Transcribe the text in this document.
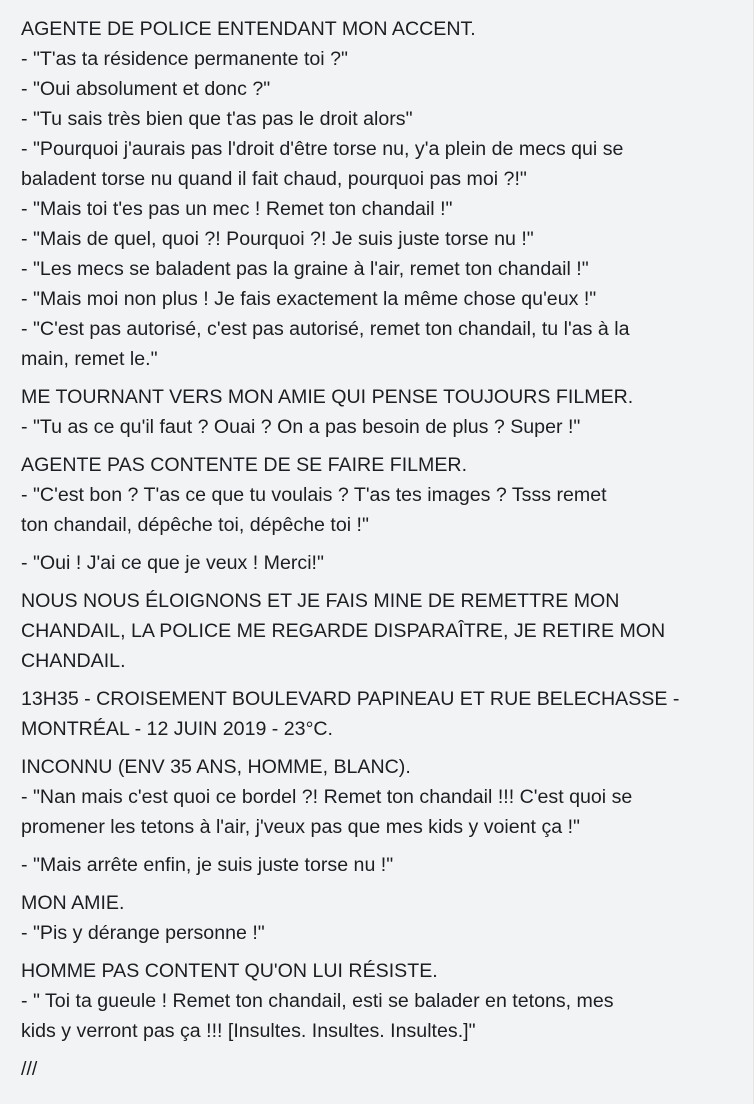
AGENTE DE POLICE ENTENDANT MON ACCENT.
- "T'as ta résidence permanente toi ?"
- "Oui absolument et donc ?"
- "Tu sais très bien que t'as pas le droit alors"
- "Pourquoi j'aurais pas l'droit d'être torse nu, y'a plein de mecs qui se
baladent torse nu quand il fait chaud, pourquoi pas moi ?!"
- "Mais toi t'es pas un mec ! Remet ton chandail !"
- "Mais de quel, quoi ?! Pourquoi ?! Je suis juste torse nu !"
- "Les mecs se baladent pas la graine à l'air, remet ton chandail !"
- "Mais moi non plus ! Je fais exactement la même chose qu'eux !"
- "C'est pas autorisé, c'est pas autorisé, remet ton chandail, tu l'as à la
main, remet le."
ME TOURNANT VERS MON AMIE QUI PENSE TOUJOURS FILMER.
- "Tu as ce qu'il faut ? Ouai ? On a pas besoin de plus ? Super !"
AGENTE PAS CONTENTE DE SE FAIRE FILMER.
- "C'est bon ? T'as ce que tu voulais ? T'as tes images ? Tsss remet
ton chandail, dépêche toi, dépêche toi !"
- "Oui ! J'ai ce que je veux ! Merci!"
NOUS NOUS ÉLOIGNONS ET JE FAIS MINE DE REMETTRE MON
CHANDAIL, LA POLICE ME REGARDE DISPARAÎTRE, JE RETIRE MON
CHANDAIL.
13H35 - CROISEMENT BOULEVARD PAPINEAU ET RUE BELECHASSE -
MONTRÉAL - 12 JUIN 2019 - 23°C.
INCONNU (ENV 35 ANS, HOMME, BLANC).
- "Nan mais c'est quoi ce bordel ?! Remet ton chandail !!! C'est quoi se
promener les tetons à l'air, j'veux pas que mes kids y voient ça !"
- "Mais arrête enfin, je suis juste torse nu !"
MON AMIE.
- "Pis y dérange personne !"
HOMME PAS CONTENT QU'ON LUI RÉSISTE.
- " Toi ta gueule ! Remet ton chandail, esti se balader en tetons, mes
kids y verront pas ça !!! [Insultes. Insultes. Insultes.]"
///
